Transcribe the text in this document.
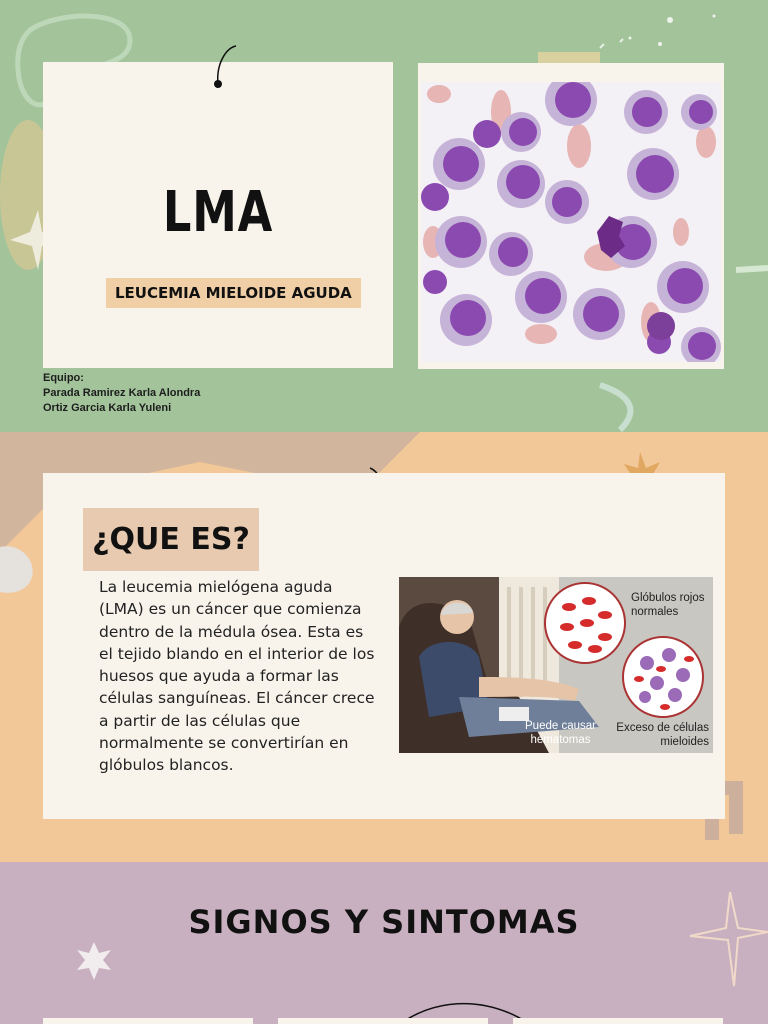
LMA
LEUCEMIA MIELOIDE AGUDA
Equipo:
Parada Ramirez Karla Alondra
Ortiz Garcia Karla Yuleni
¿QUE ES?
La leucemia mielógena aguda (LMA) es un cáncer que comienza dentro de la médula ósea. Esta es el tejido blando en el interior de los huesos que ayuda a formar las células sanguíneas. El cáncer crece a partir de las células que normalmente se convertirían en glóbulos blancos.
Glóbulos rojos
normales
Puede causar
hematomas
Exceso de células
mieloides
SIGNOS Y SINTOMAS
